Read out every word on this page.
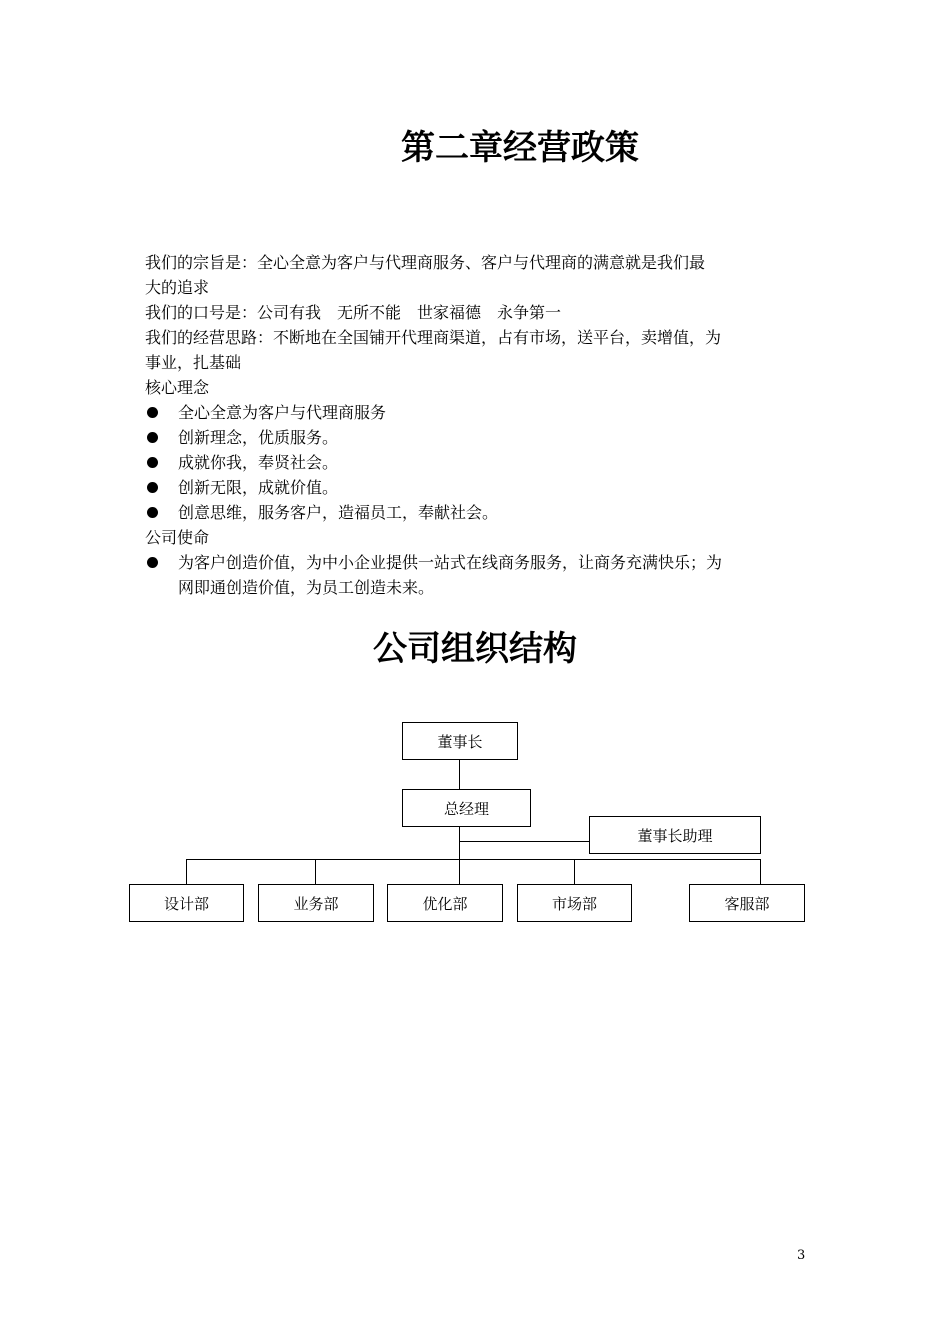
第二章经营政策
我们的宗旨是：全心全意为客户与代理商服务、客户与代理商的满意就是我们最
大的追求
我们的口号是：公司有我　无所不能　世家福德　永争第一
我们的经营思路：不断地在全国铺开代理商渠道，占有市场，送平台，卖增值，为
事业，扎基础
核心理念
全心全意为客户与代理商服务
创新理念，优质服务。
成就你我，奉贤社会。
创新无限，成就价值。
创意思维，服务客户，造福员工，奉献社会。
公司使命
为客户创造价值，为中小企业提供一站式在线商务服务，让商务充满快乐；为
网即通创造价值，为员工创造未来。
公司组织结构
董事长
总经理
董事长助理
设计部	业务部	优化部	市场部	客服部
3
